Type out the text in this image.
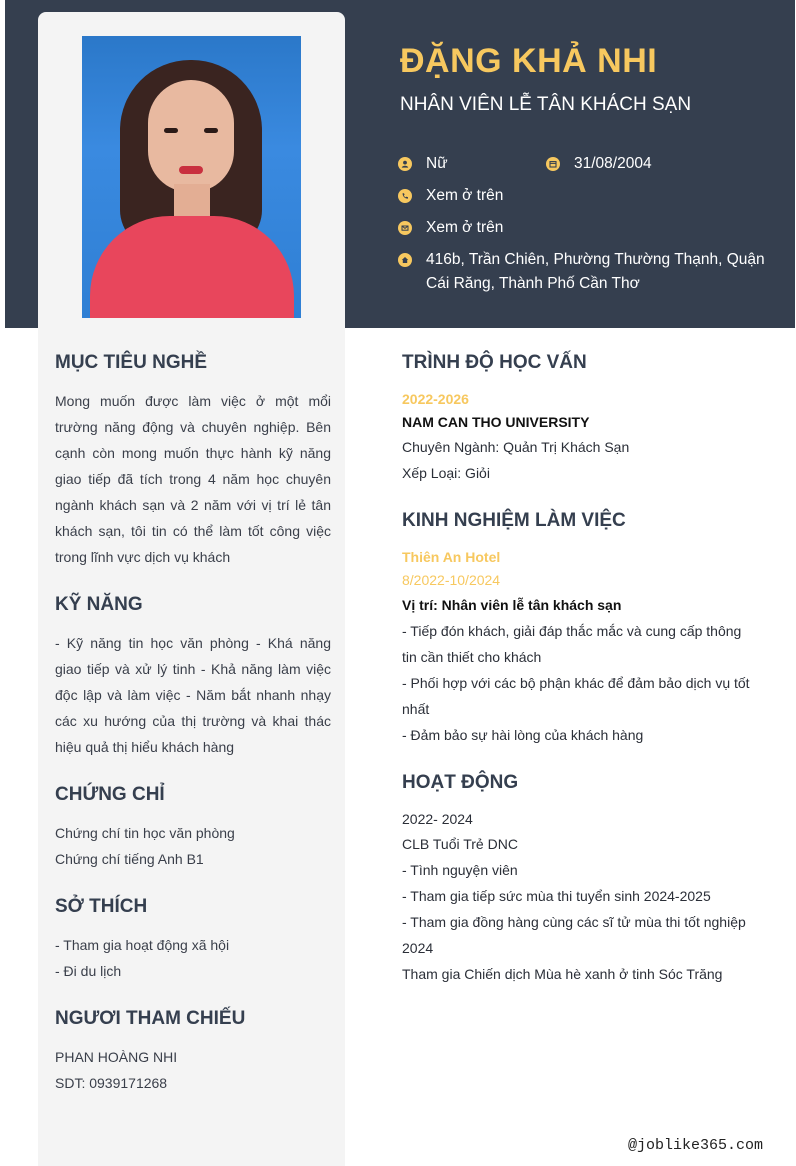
ĐẶNG KHẢ NHI
NHÂN VIÊN LỄ TÂN KHÁCH SẠN
Nữ	31/08/2004
Xem ở trên
Xem ở trên
416b, Trần Chiên, Phường Thường Thạnh, Quận
Cái Răng, Thành Phố Cần Thơ
MỤC TIÊU NGHỀ
Mong muốn được làm việc ở một mổi trường năng động và chuyên nghiệp. Bên cạnh còn mong muốn thực hành kỹ năng giao tiếp đã tích trong 4 năm học chuyên ngành khách sạn và 2 năm với vị trí lẻ tân khách sạn, tôi tin có thể làm tốt công việc trong lĩnh vực dịch vụ khách
KỸ NĂNG
- Kỹ năng tin học văn phòng - Khá năng giao tiếp và xử lý tinh - Khả năng làm việc độc lập và làm việc - Năm bắt nhanh nhạy các xu hướng của thị trường và khai thác hiệu quả thị hiểu khách hàng
CHỨNG CHỈ
Chứng chí tin học văn phòng
Chứng chí tiếng Anh B1
SỞ THÍCH
- Tham gia hoạt động xã hội
- Đi du lịch
NGƯƠI THAM CHIẾU
PHAN HOÀNG NHI
SDT: 0939171268
TRÌNH ĐỘ HỌC VẤN
2022-2026
NAM CAN THO UNIVERSITY
Chuyên Ngành: Quản Trị Khách Sạn
Xếp Loại: Giỏi
KINH NGHIỆM LÀM VIỆC
Thiên An Hotel
8/2022-10/2024
Vị trí: Nhân viên lễ tân khách sạn
- Tiếp đón khách, giải đáp thắc mắc và cung cấp thông tin cần thiết cho khách
- Phối hợp với các bộ phận khác để đảm bảo dịch vụ tốt nhất
- Đảm bảo sự hài lòng của khách hàng
HOẠT ĐỘNG
2022- 2024
CLB Tuổi Trẻ DNC
- Tình nguyện viên
- Tham gia tiếp sức mùa thi tuyển sinh 2024-2025
- Tham gia đồng hàng cùng các sĩ tử mùa thi tốt nghiệp 2024
Tham gia Chiến dịch Mùa hè xanh ở tinh Sóc Trăng
@joblike365.com
